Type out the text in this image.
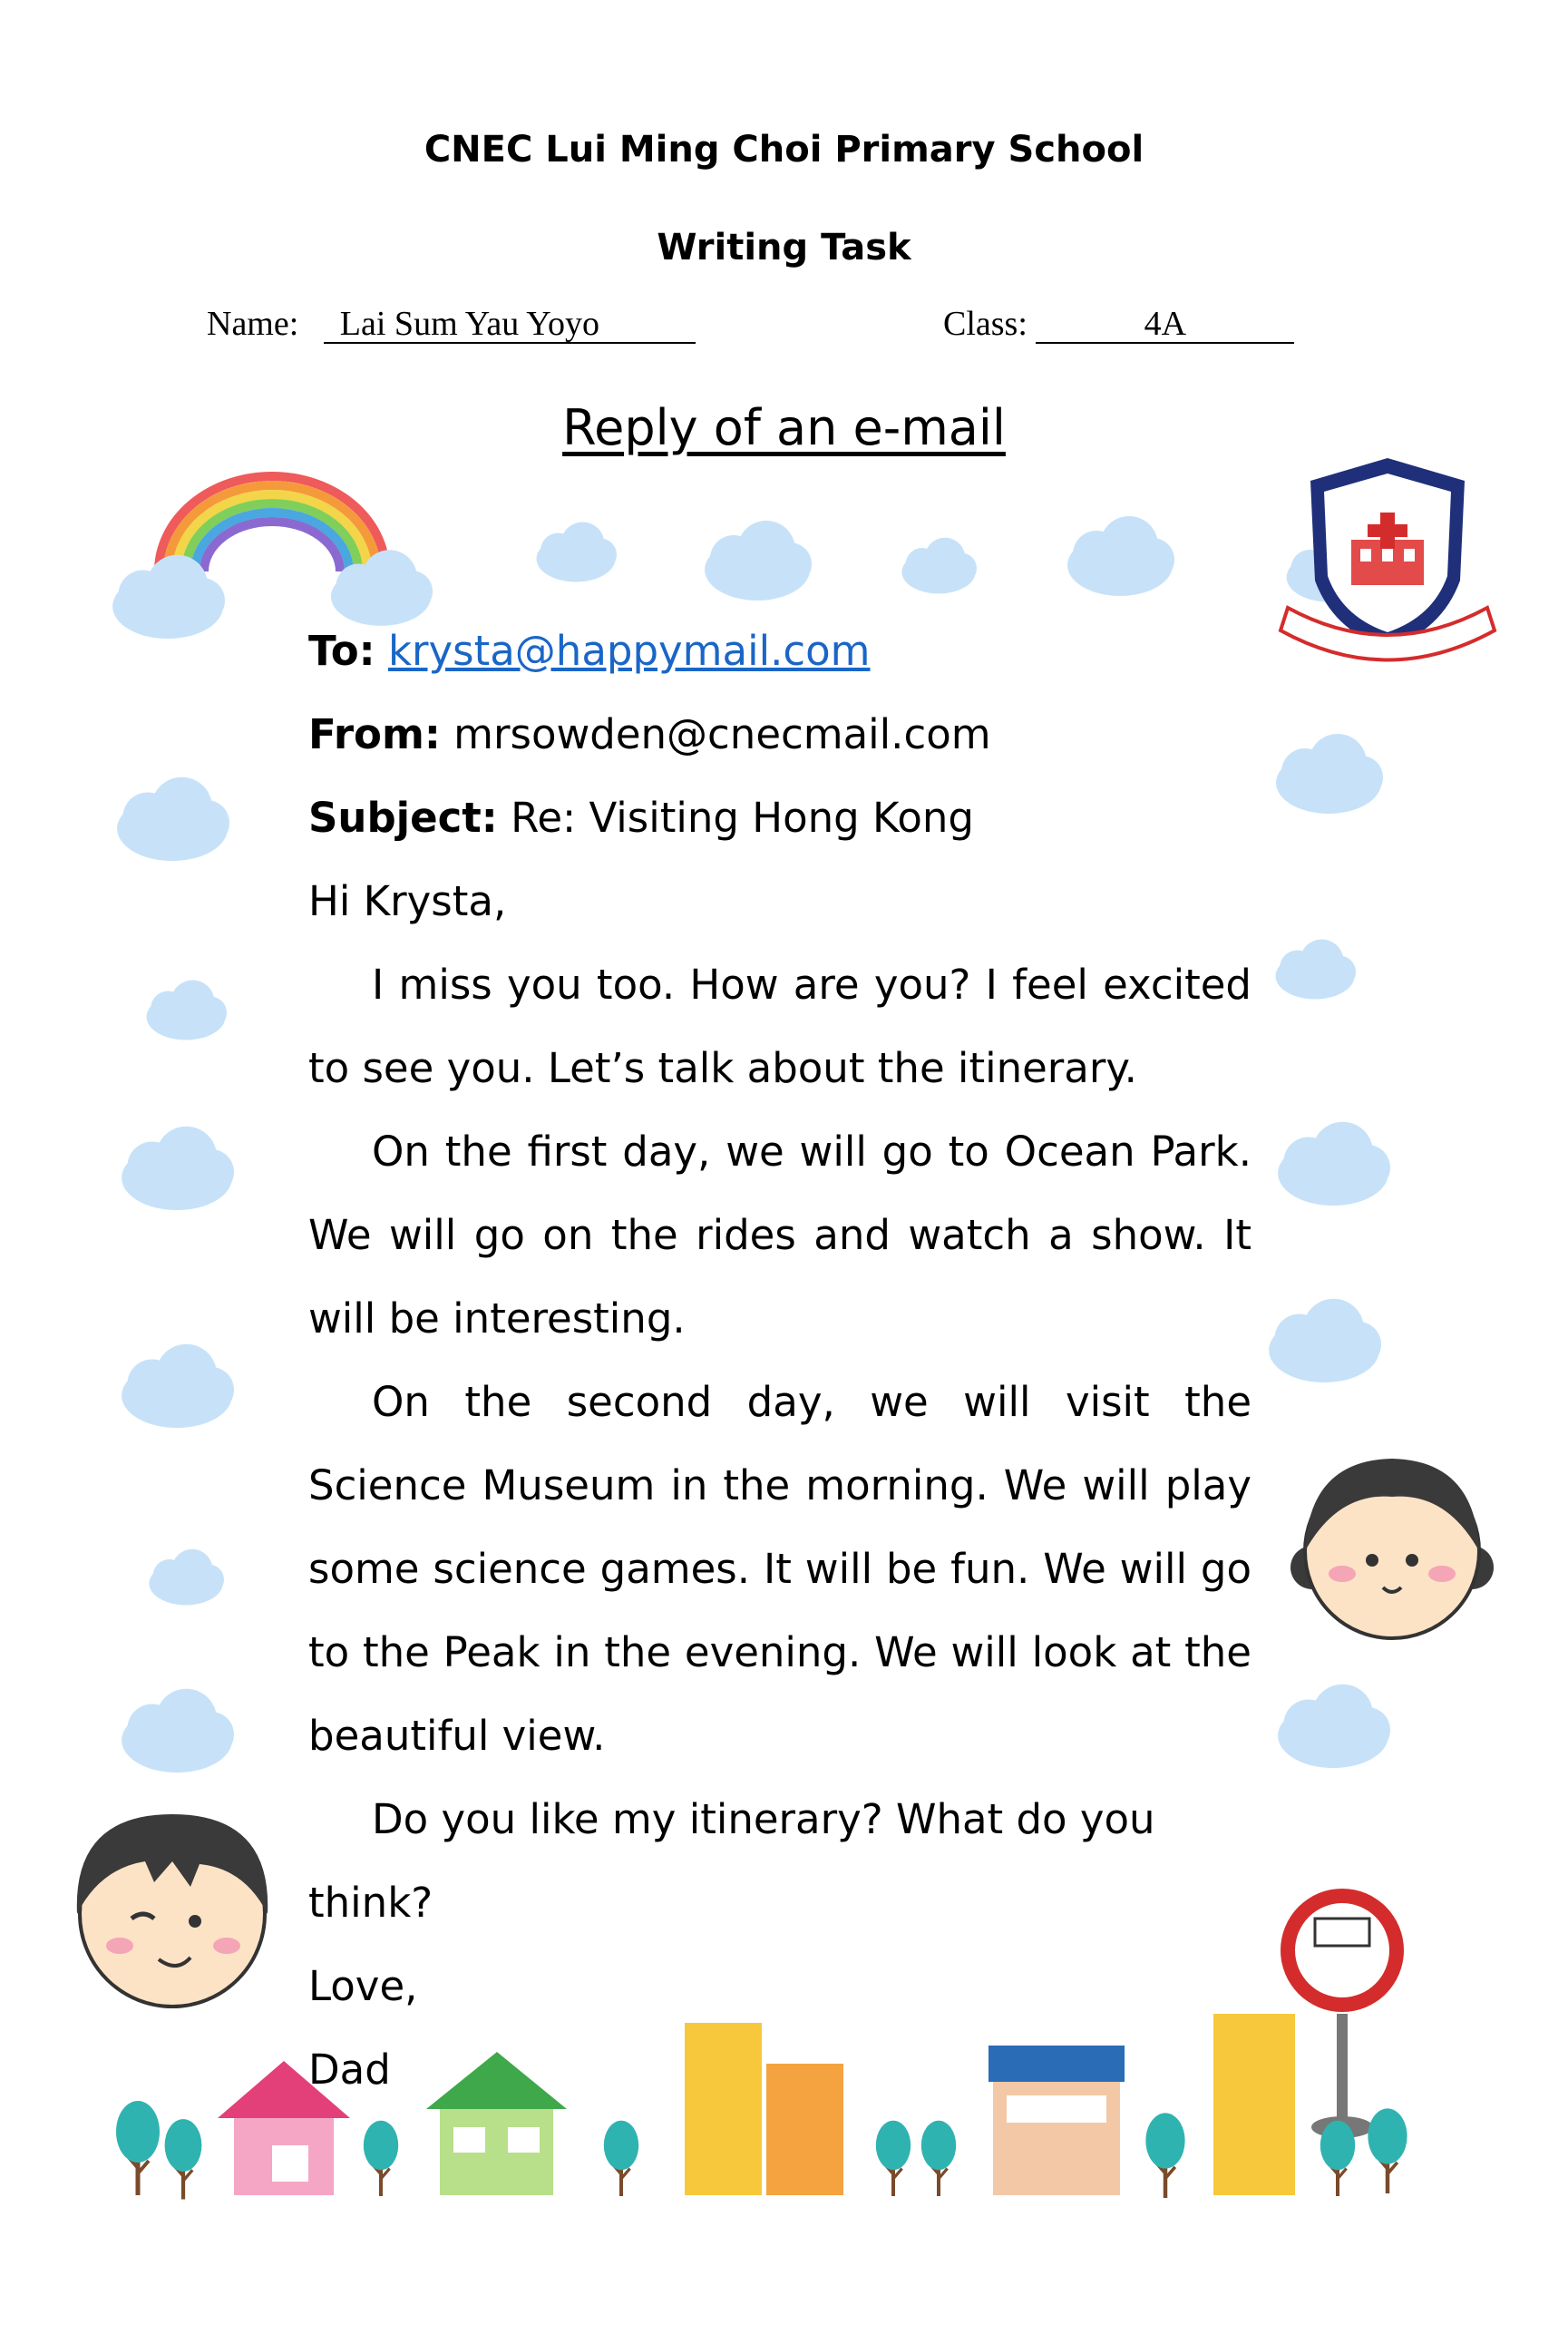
CNEC Lui Ming Choi Primary School
Writing Task
Name: Lai Sum Yau Yoyo	Class:	4A
Reply of an e-mail

To: krysta@happymail.com

From: mrsowden@cnecmail.com

Subject: Re: Visiting Hong Kong

Hi Krysta,

I miss you too. How are you? I feel excited to see you. Let’s talk about the itinerary.

On the first day, we will go to Ocean Park. We will go on the rides and watch a show. It will be interesting.

On the second day, we will visit the Science Museum in the morning. We will play some science games. It will be fun. We will go to the Peak in the evening. We will look at the beautiful view.

Do you like my itinerary? What do you think?

Love,

Dad
